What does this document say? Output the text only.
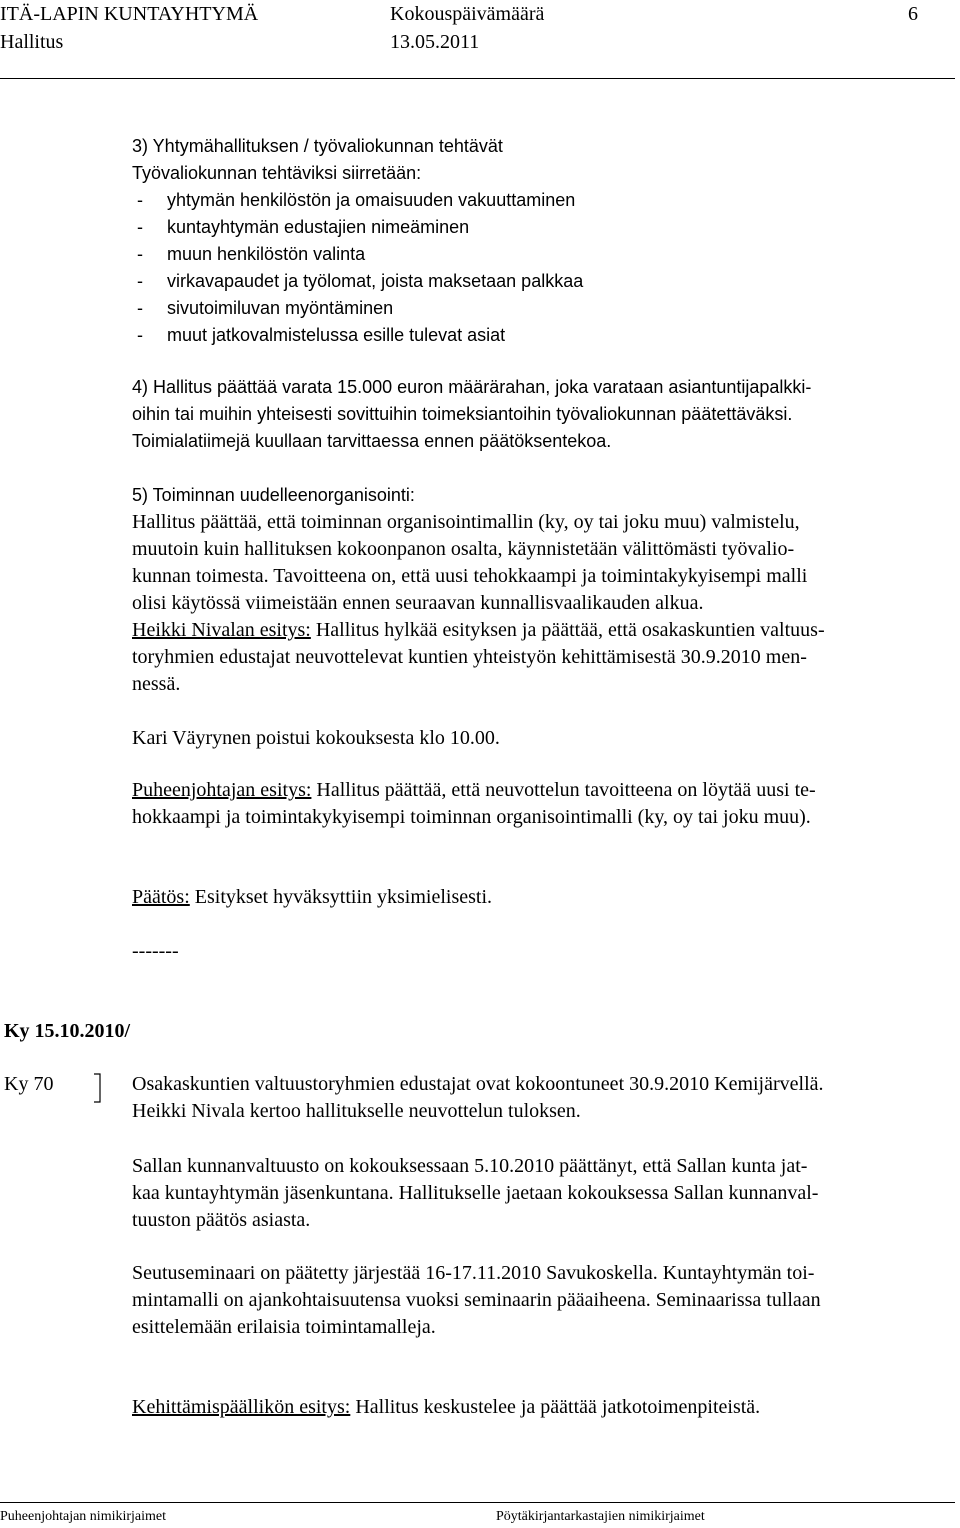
ITÄ-LAPIN KUNTAYHTYMÄ	Kokouspäivämäärä	6
Hallitus	13.05.2011
3) Yhtymähallituksen / työvaliokunnan tehtävät
Työvaliokunnan tehtäviksi siirretään:
- yhtymän henkilöstön ja omaisuuden vakuuttaminen
- kuntayhtymän edustajien nimeäminen
- muun henkilöstön valinta
- virkavapaudet ja työlomat, joista maksetaan palkkaa
- sivutoimiluvan myöntäminen
- muut jatkovalmistelussa esille tulevat asiat
4) Hallitus päättää varata 15.000 euron määrärahan, joka varataan asiantuntijapalkki-
oihin tai muihin yhteisesti sovittuihin toimeksiantoihin työvaliokunnan päätettäväksi.
Toimialatiimejä kuullaan tarvittaessa ennen päätöksentekoa.
5) Toiminnan uudelleenorganisointi:
Hallitus päättää, että toiminnan organisointimallin (ky, oy tai joku muu) valmistelu,
muutoin kuin hallituksen kokoonpanon osalta, käynnistetään välittömästi työvalio-
kunnan toimesta. Tavoitteena on, että uusi tehokkaampi ja toimintakykyisempi malli
olisi käytössä viimeistään ennen seuraavan kunnallisvaalikauden alkua.
Heikki Nivalan esitys: Hallitus hylkää esityksen ja päättää, että osakaskuntien valtuus-
toryhmien edustajat neuvottelevat kuntien yhteistyön kehittämisestä 30.9.2010 men-
nessä.
Kari Väyrynen poistui kokouksesta klo 10.00.
Puheenjohtajan esitys: Hallitus päättää, että neuvottelun tavoitteena on löytää uusi te-
hokkaampi ja toimintakykyisempi toiminnan organisointimalli (ky, oy tai joku muu).
Päätös: Esitykset hyväksyttiin yksimielisesti.
-------
Ky 15.10.2010/
Ky 70	Osakaskuntien valtuustoryhmien edustajat ovat kokoontuneet 30.9.2010 Kemijärvellä.
Heikki Nivala kertoo hallitukselle neuvottelun tuloksen.
Sallan kunnanvaltuusto on kokouksessaan 5.10.2010 päättänyt, että Sallan kunta jat-
kaa kuntayhtymän jäsenkuntana. Hallitukselle jaetaan kokouksessa Sallan kunnanval-
tuuston päätös asiasta.
Seutuseminaari on päätetty järjestää 16-17.11.2010 Savukoskella. Kuntayhtymän toi-
mintamalli on ajankohtaisuutensa vuoksi seminaarin pääaiheena. Seminaarissa tullaan
esittelemään erilaisia toimintamalleja.
Kehittämispäällikön esitys: Hallitus keskustelee ja päättää jatkotoimenpiteistä.
Puheenjohtajan nimikirjaimet	Pöytäkirjantarkastajien nimikirjaimet
